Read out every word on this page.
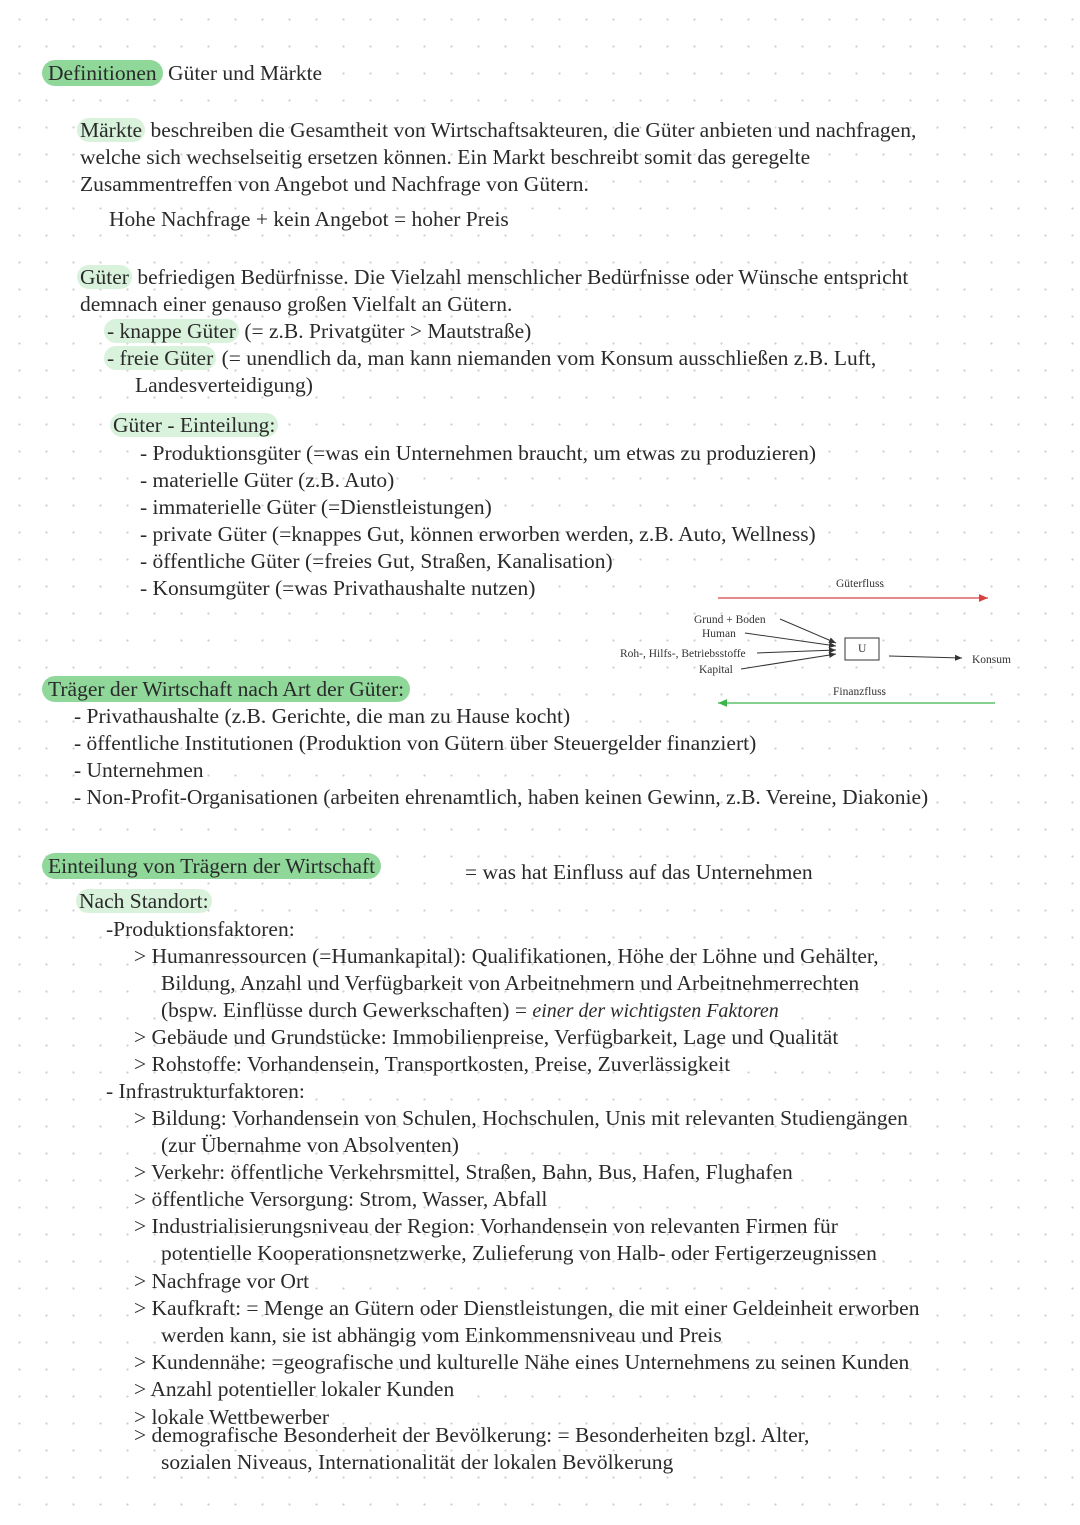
Definitionen Güter und Märkte
Märkte beschreiben die Gesamtheit von Wirtschaftsakteuren, die Güter anbieten und nachfragen,
welche sich wechselseitig ersetzen können. Ein Markt beschreibt somit das geregelte
Zusammentreffen von Angebot und Nachfrage von Gütern.
Hohe Nachfrage + kein Angebot = hoher Preis
Güter befriedigen Bedürfnisse. Die Vielzahl menschlicher Bedürfnisse oder Wünsche entspricht
demnach einer genauso großen Vielfalt an Gütern.
- knappe Güter (= z.B. Privatgüter > Mautstraße)
- freie Güter (= unendlich da, man kann niemanden vom Konsum ausschließen z.B. Luft,
Landesverteidigung)
Güter - Einteilung:
- Produktionsgüter (=was ein Unternehmen braucht, um etwas zu produzieren)
- materielle Güter (z.B. Auto)
- immaterielle Güter (=Dienstleistungen)
- private Güter (=knappes Gut, können erworben werden, z.B. Auto, Wellness)
- öffentliche Güter (=freies Gut, Straßen, Kanalisation)
- Konsumgüter (=was Privathaushalte nutzen)	Güterfluss
Grund + Boden
Human
Roh-, Hilfs-, Betriebsstoffe
Kapital
U
Konsum
Finanzfluss
Träger der Wirtschaft nach Art der Güter:
- Privathaushalte (z.B. Gerichte, die man zu Hause kocht)
- öffentliche Institutionen (Produktion von Gütern über Steuergelder finanziert)
- Unternehmen
- Non-Profit-Organisationen (arbeiten ehrenamtlich, haben keinen Gewinn, z.B. Vereine, Diakonie)
Einteilung von Trägern der Wirtschaft	= was hat Einfluss auf das Unternehmen
Nach Standort:
-Produktionsfaktoren:
> Humanressourcen (=Humankapital): Qualifikationen, Höhe der Löhne und Gehälter,
Bildung, Anzahl und Verfügbarkeit von Arbeitnehmern und Arbeitnehmerrechten
(bspw. Einflüsse durch Gewerkschaften) = einer der wichtigsten Faktoren
> Gebäude und Grundstücke: Immobilienpreise, Verfügbarkeit, Lage und Qualität
> Rohstoffe: Vorhandensein, Transportkosten, Preise, Zuverlässigkeit
- Infrastrukturfaktoren:
> Bildung: Vorhandensein von Schulen, Hochschulen, Unis mit relevanten Studiengängen
(zur Übernahme von Absolventen)
> Verkehr: öffentliche Verkehrsmittel, Straßen, Bahn, Bus, Hafen, Flughafen
> öffentliche Versorgung: Strom, Wasser, Abfall
> Industrialisierungsniveau der Region: Vorhandensein von relevanten Firmen für
potentielle Kooperationsnetzwerke, Zulieferung von Halb- oder Fertigerzeugnissen
> Nachfrage vor Ort
> Kaufkraft: = Menge an Gütern oder Dienstleistungen, die mit einer Geldeinheit erworben
werden kann, sie ist abhängig vom Einkommensniveau und Preis
> Kundennähe: =geografische und kulturelle Nähe eines Unternehmens zu seinen Kunden
> Anzahl potentieller lokaler Kunden
> lokale Wettbewerber
> demografische Besonderheit der Bevölkerung: = Besonderheiten bzgl. Alter,
sozialen Niveaus, Internationalität der lokalen Bevölkerung
